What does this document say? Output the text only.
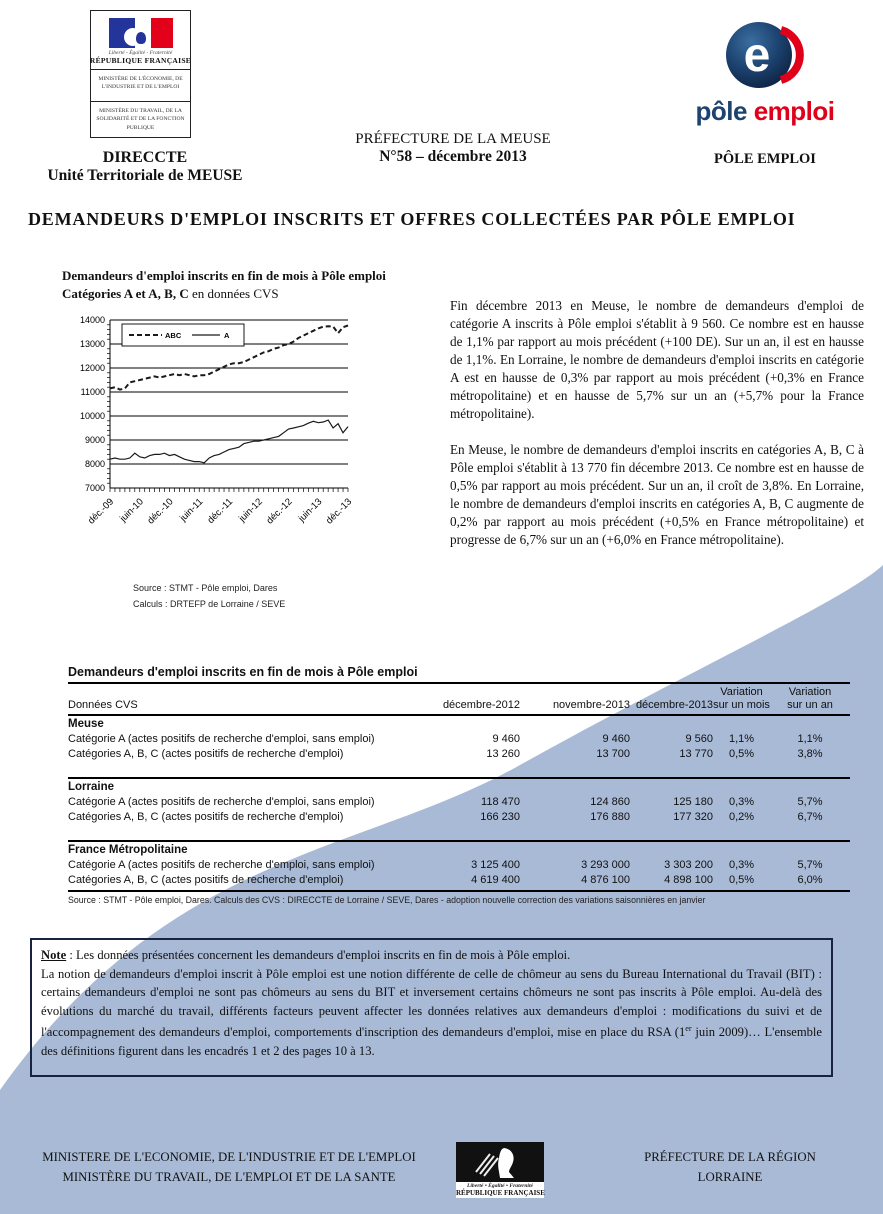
Liberté - Égalité - Fraternité
RÉPUBLIQUE FRANÇAISE
MINISTÈRE DE L'ÉCONOMIE, DE L'INDUSTRIE ET DE L'EMPLOI
MINISTÈRE DU TRAVAIL, DE LA SOLIDARITÉ ET DE LA FONCTION PUBLIQUE
DIRECCTE
Unité Territoriale de MEUSE
PRÉFECTURE DE LA MEUSE
N°58 – décembre 2013	PÔLE EMPLOI
e
pôle emploi
DEMANDEURS D'EMPLOI INSCRITS ET OFFRES COLLECTÉES PAR PÔLE EMPLOI
Demandeurs d'emploi inscrits en fin de mois à Pôle emploi
Catégories A et A, B, C en données CVS
7000
8000
9000
10000
11000
12000
13000
14000
déc.-09 juin-10 déc.-10 juin-11 déc.-11 juin-12 déc.-12 juin-13 déc.-13
ABC	A
Source : STMT - Pôle emploi, Dares
Calculs : DRTEFP de Lorraine / SEVE

Fin décembre 2013 en Meuse, le nombre de demandeurs d'emploi de catégorie A inscrits à Pôle emploi s'établit à 9 560. Ce nombre est en hausse de 1,1% par rapport au mois précédent (+100 DE). Sur un an, il est en hausse de 1,1%. En Lorraine, le nombre de demandeurs d'emploi inscrits en catégorie A est en hausse de 0,3% par rapport au mois précédent (+0,3% en France métropolitaine) et en hausse de 5,7% sur un an (+5,7% pour la France métropolitaine).

En Meuse, le nombre de demandeurs d'emploi inscrits en catégories A, B, C à Pôle emploi s'établit à 13 770 fin décembre 2013. Ce nombre est en hausse de 0,5% par rapport au mois précédent. Sur un an, il croît de 3,8%. En Lorraine, le nombre de demandeurs d'emploi inscrits en catégories A, B, C augmente de 0,2% par rapport au mois précédent (+0,5% en France métropolitaine) et progresse de 6,7% sur un an (+6,0% en France métropolitaine).

Demandeurs d'emploi inscrits en fin de mois à Pôle emploi
Données CVS	décembre-2012	novembre-2013 décembre-2013
Variation
sur un mois
Variation
sur un an
Meuse
Catégorie A (actes positifs de recherche d'emploi, sans emploi)	9 460	9 460	9 560	1,1%	1,1%
Catégories A, B, C (actes positifs de recherche d'emploi)	13 260	13 700	13 770	0,5%	3,8%
Lorraine
Catégorie A (actes positifs de recherche d'emploi, sans emploi)	118 470	124 860	125 180	0,3%	5,7%
Catégories A, B, C (actes positifs de recherche d'emploi)	166 230	176 880	177 320	0,2%	6,7%
France Métropolitaine
Catégorie A (actes positifs de recherche d'emploi, sans emploi)	3 125 400	3 293 000	3 303 200	0,3%	5,7%
Catégories A, B, C (actes positifs de recherche d'emploi)	4 619 400	4 876 100	4 898 100	0,5%	6,0%
Source : STMT - Pôle emploi, Dares. Calculs des CVS : DIRECCTE de Lorraine / SEVE, Dares - adoption nouvelle correction des variations saisonnières en janvier
Note : Les données présentées concernent les demandeurs d'emploi inscrits en fin de mois à Pôle emploi.
La notion de demandeurs d'emploi inscrit à Pôle emploi est une notion différente de celle de chômeur au sens du Bureau International du Travail (BIT) : certains demandeurs d'emploi ne sont pas chômeurs au sens du BIT et inversement certains chômeurs ne sont pas inscrits à Pôle emploi. Au-delà des évolutions du marché du travail, différents facteurs peuvent affecter les données relatives aux demandeurs d'emploi : modifications du suivi et de l'accompagnement des demandeurs d'emploi, comportements d'inscription des demandeurs d'emploi, mise en place du RSA (1er juin 2009)… L'ensemble des définitions figurent dans les encadrés 1 et 2 des pages 10 à 13.
MINISTERE DE L'ECONOMIE, DE L'INDUSTRIE ET DE L'EMPLOI
MINISTÈRE DU TRAVAIL, DE L'EMPLOI ET DE LA SANTE
Liberté • Égalité • Fraternité
RÉPUBLIQUE FRANÇAISE
PRÉFECTURE DE LA RÉGION
LORRAINE
